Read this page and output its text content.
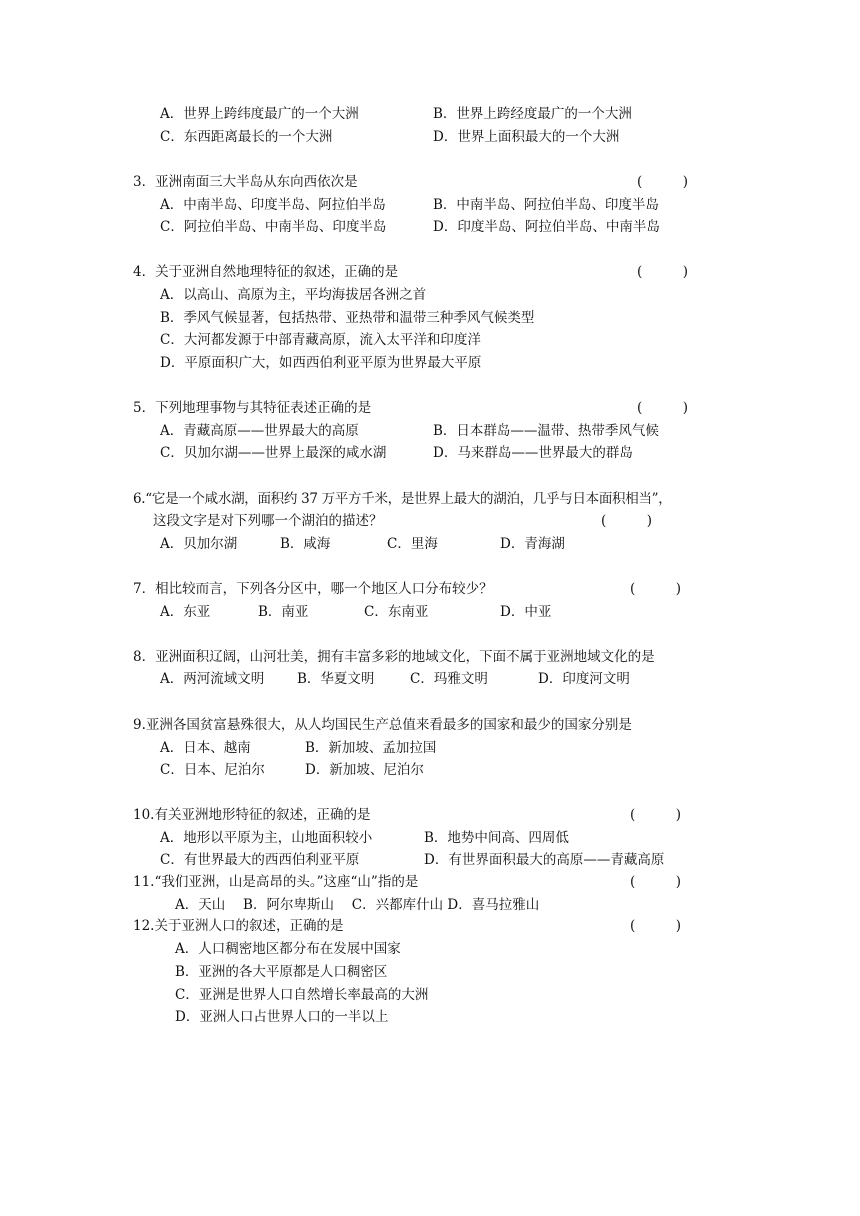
A．世界上跨纬度最广的一个大洲	B．世界上跨经度最广的一个大洲
C．东西距离最长的一个大洲	D．世界上面积最大的一个大洲
3．亚洲南面三大半岛从东向西依次是	(　　　)
A．中南半岛、印度半岛、阿拉伯半岛	B．中南半岛、阿拉伯半岛、印度半岛
C．阿拉伯半岛、中南半岛、印度半岛	D．印度半岛、阿拉伯半岛、中南半岛
4．关于亚洲自然地理特征的叙述，正确的是	(　　　)
A．以高山、高原为主，平均海拔居各洲之首
B．季风气候显著，包括热带、亚热带和温带三种季风气候类型
C．大河都发源于中部青藏高原，流入太平洋和印度洋
D．平原面积广大，如西西伯利亚平原为世界最大平原
5．下列地理事物与其特征表述正确的是	(　　　)
A．青藏高原——世界最大的高原	B．日本群岛——温带、热带季风气候
C．贝加尔湖——世界上最深的咸水湖	D．马来群岛——世界最大的群岛
6.“它是一个咸水湖，面积约 37 万平方千米，是世界上最大的湖泊，几乎与日本面积相当”，
这段文字是对下列哪一个湖泊的描述？	(　　　)
A．贝加尔湖	B．咸海	C．里海	D．青海湖
7．相比较而言，下列各分区中，哪一个地区人口分布较少？	(　　　)
A．东亚	B．南亚	C．东南亚	D．中亚
8．亚洲面积辽阔，山河壮美，拥有丰富多彩的地域文化，下面不属于亚洲地域文化的是
A．两河流域文明 B．华夏文明	C．玛雅文明	D．印度河文明
9.亚洲各国贫富悬殊很大，从人均国民生产总值来看最多的国家和最少的国家分别是
A．日本、越南	B．新加坡、孟加拉国
C．日本、尼泊尔	D．新加坡、尼泊尔
10.有关亚洲地形特征的叙述，正确的是	(　　　)
A．地形以平原为主，山地面积较小	B．地势中间高、四周低
C．有世界最大的西西伯利亚平原	D．有世界面积最大的高原——青藏高原
11.“我们亚洲，山是高昂的头。”这座“山”指的是	(　　　)
A．天山　 B．阿尔卑斯山　 C．兴都库什山 D．喜马拉雅山
12.关于亚洲人口的叙述，正确的是	(　　　)
A．人口稠密地区都分布在发展中国家
B．亚洲的各大平原都是人口稠密区
C．亚洲是世界人口自然增长率最高的大洲
D．亚洲人口占世界人口的一半以上
